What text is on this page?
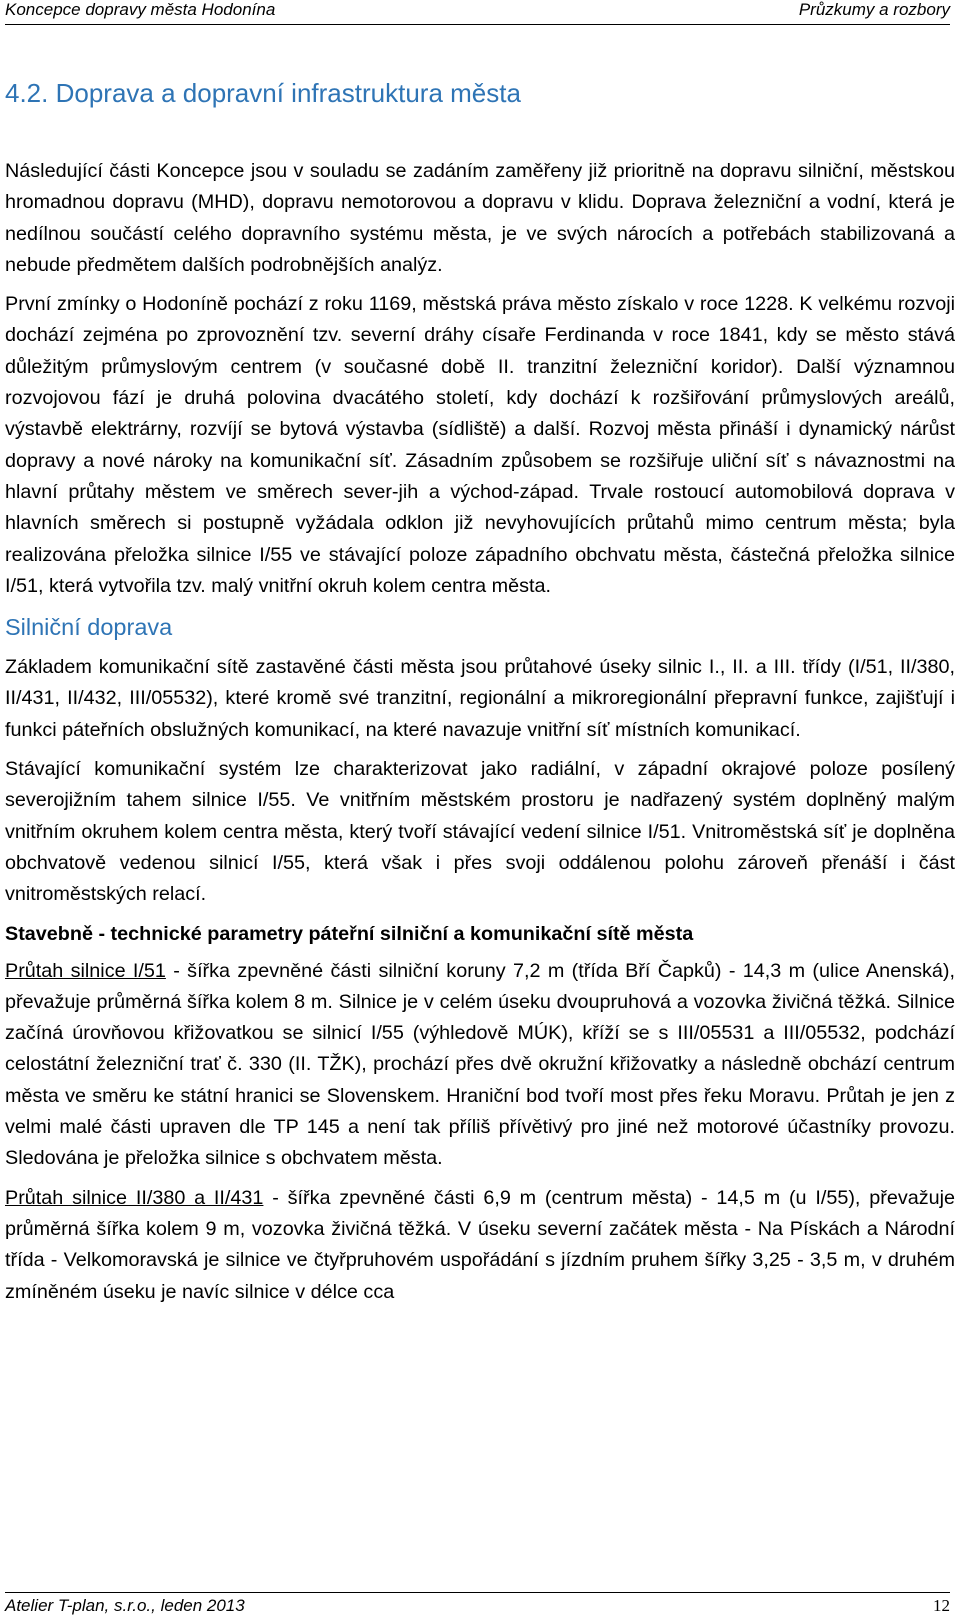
Koncepce dopravy města Hodonína	Průzkumy a rozbory
4.2. Doprava a dopravní infrastruktura města

Následující části Koncepce jsou v souladu se zadáním zaměřeny již prioritně na dopravu silniční, městskou hromadnou dopravu (MHD), dopravu nemotorovou a dopravu v klidu. Doprava železniční a vodní, která je nedílnou součástí celého dopravního systému města, je ve svých nárocích a potřebách stabilizovaná a nebude předmětem dalších podrobnějších analýz.

První zmínky o Hodoníně pochází z roku 1169, městská práva město získalo v roce 1228. K velkému rozvoji dochází zejména po zprovoznění tzv. severní dráhy císaře Ferdinanda v roce 1841, kdy se město stává důležitým průmyslovým centrem (v současné době II. tranzitní železniční koridor). Další významnou rozvojovou fází je druhá polovina dvacátého století, kdy dochází k rozšiřování průmyslových areálů, výstavbě elektrárny, rozvíjí se bytová výstavba (sídliště) a další. Rozvoj města přináší i dynamický nárůst dopravy a nové nároky na komunikační síť. Zásadním způsobem se rozšiřuje uliční síť s návaznostmi na hlavní průtahy městem ve směrech sever-jih a východ-západ. Trvale rostoucí automobilová doprava v hlavních směrech si postupně vyžádala odklon již nevyhovujících průtahů mimo centrum města; byla realizována přeložka silnice I/55 ve stávající poloze západního obchvatu města, částečná přeložka silnice I/51, která vytvořila tzv. malý vnitřní okruh kolem centra města.

Silniční doprava

Základem komunikační sítě zastavěné části města jsou průtahové úseky silnic I., II. a III. třídy (I/51, II/380, II/431, II/432, III/05532), které kromě své tranzitní, regionální a mikroregionální přepravní funkce, zajišťují i funkci páteřních obslužných komunikací, na které navazuje vnitřní síť místních komunikací.

Stávající komunikační systém lze charakterizovat jako radiální, v západní okrajové poloze posílený severojižním tahem silnice I/55. Ve vnitřním městském prostoru je nadřazený systém doplněný malým vnitřním okruhem kolem centra města, který tvoří stávající vedení silnice I/51. Vnitroměstská síť je doplněna obchvatově vedenou silnicí I/55, která však i přes svoji oddálenou polohu zároveň přenáší i část vnitroměstských relací.

Stavebně - technické parametry páteřní silniční a komunikační sítě města

Průtah silnice I/51 - šířka zpevněné části silniční koruny 7,2 m (třída Bří Čapků) - 14,3 m (ulice Anenská), převažuje průměrná šířka kolem 8 m. Silnice je v celém úseku dvoupruhová a vozovka živičná těžká. Silnice začíná úrovňovou křižovatkou se silnicí I/55 (výhledově MÚK), kříží se s III/05531 a III/05532, podchází celostátní železniční trať č. 330 (II. TŽK), prochází přes dvě okružní křižovatky a následně obchází centrum města ve směru ke státní hranici se Slovenskem. Hraniční bod tvoří most přes řeku Moravu. Průtah je jen z velmi malé části upraven dle TP 145 a není tak příliš přívětivý pro jiné než motorové účastníky provozu. Sledována je přeložka silnice s obchvatem města.

Průtah silnice II/380 a II/431 - šířka zpevněné části 6,9 m (centrum města) - 14,5 m (u I/55), převažuje průměrná šířka kolem 9 m, vozovka živičná těžká. V úseku severní začátek města - Na Pískách a Národní třída - Velkomoravská je silnice ve čtyřpruhovém uspořádání s jízdním pruhem šířky 3,25 - 3,5 m, v druhém zmíněném úseku je navíc silnice v délce cca

Atelier T-plan, s.r.o., leden 2013	12
